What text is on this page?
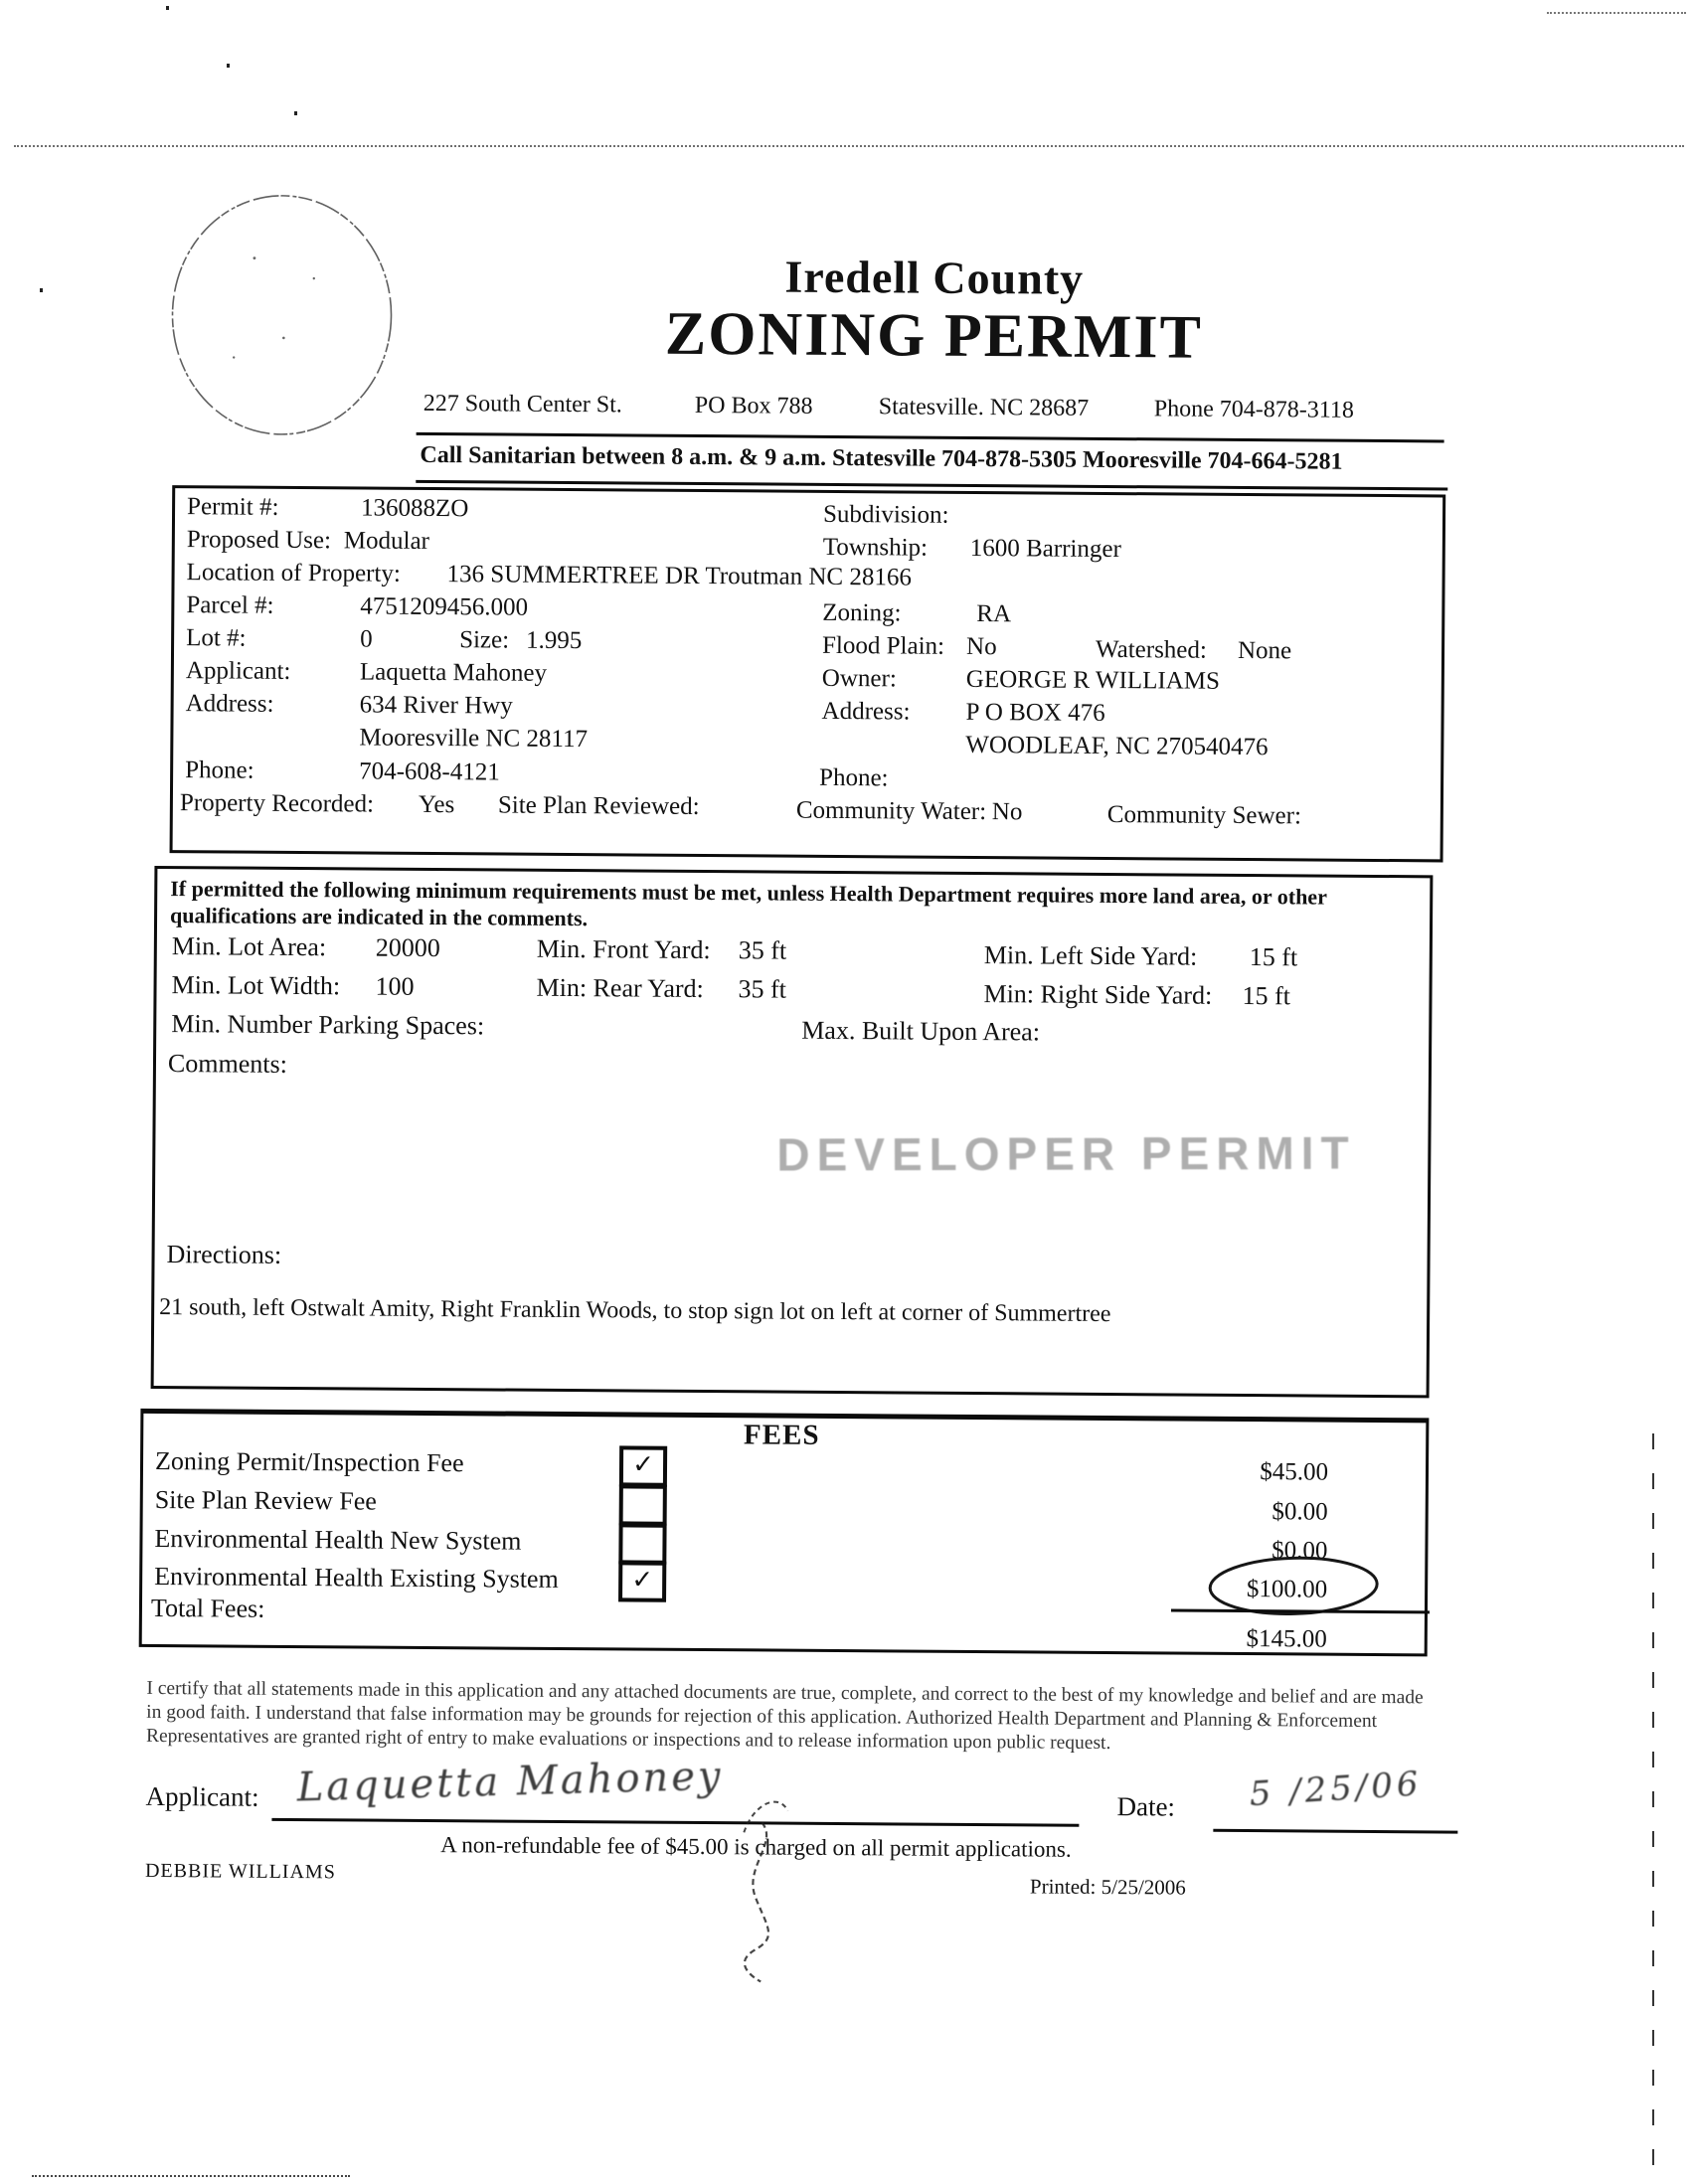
Iredell County
ZONING PERMIT
227 South Center St.	PO Box 788	Statesville. NC 28687	Phone 704-878-3118
Call Sanitarian between 8 a.m. & 9 a.m. Statesville 704-878-5305 Mooresville 704-664-5281
Permit #:	136088ZO	Subdivision:
Proposed Use: Modular	Township: 1600 Barringer
Location of Property: 136 SUMMERTREE DR Troutman NC 28166
Parcel #:	4751209456.000	Zoning:	RA
Lot #:	0	Size: 1.995	Flood Plain: No	Watershed: None
Applicant:	Laquetta Mahoney	Owner:	GEORGE R WILLIAMS
Address:	634 River Hwy	Address: P O BOX 476
Mooresville NC 28117	WOODLEAF, NC 270540476
Phone:	704-608-4121	Phone:
Property Recorded: Yes Site Plan Reviewed:	Community Water: No	Community Sewer:
If permitted the following minimum requirements must be met, unless Health Department requires more land area, or other qualifications are indicated in the comments.
Min. Lot Area: 20000	Min. Front Yard: 35 ft	Min. Left Side Yard: 15 ft
Min. Lot Width: 100	Min: Rear Yard: 35 ft	Min: Right Side Yard: 15 ft
Min. Number Parking Spaces:	Max. Built Upon Area:
Comments:
DEVELOPER PERMIT
Directions:
21 south, left Ostwalt Amity, Right Franklin Woods, to stop sign lot on left at corner of Summertree
FEES
Zoning Permit/Inspection Fee	✓	$45.00
Site Plan Review Fee	$0.00
Environmental Health New System	$0.00
Environmental Health Existing System	✓	$100.00
Total Fees:
$145.00
I certify that all statements made in this application and any attached documents are true, complete, and correct to the best of my knowledge and belief and are made in good faith. I understand that false information may be grounds for rejection of this application. Authorized Health Department and Planning & Enforcement Representatives are granted right of entry to make evaluations or inspections and to release information upon public request.
Applicant: Laquetta Mahoney	Date: 5 /25/06
A non-refundable fee of $45.00 is charged on all permit applications.
DEBBIE WILLIAMS
Printed: 5/25/2006
